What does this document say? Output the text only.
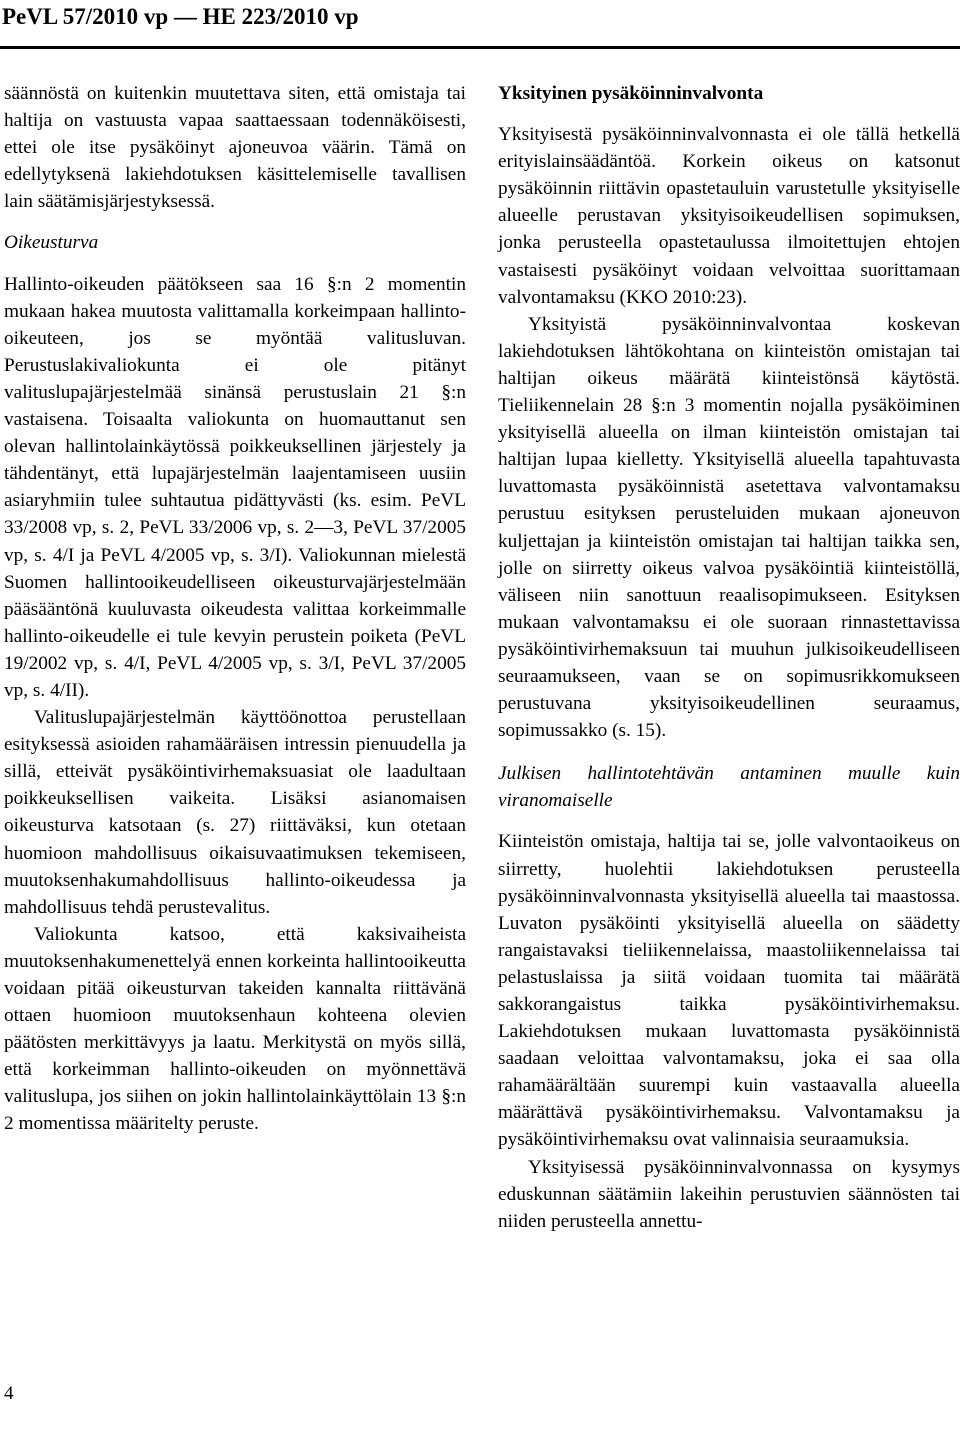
PeVL 57/2010 vp — HE 223/2010 vp

säännöstä on kuitenkin muutettava siten, että omistaja tai haltija on vastuusta vapaa saattaessaan todennäköisesti, ettei ole itse pysäköinyt ajoneuvoa väärin. Tämä on edellytyksenä lakiehdotuksen käsittelemiselle tavallisen lain säätämisjärjestyksessä.

Oikeusturva

Hallinto-oikeuden päätökseen saa 16 §:n 2 momentin mukaan hakea muutosta valittamalla korkeimpaan hallinto-oikeuteen, jos se myöntää valitusluvan. Perustuslakivaliokunta ei ole pitänyt valituslupajärjestelmää sinänsä perustuslain 21 §:n vastaisena. Toisaalta valiokunta on huomauttanut sen olevan hallintolainkäytössä poikkeuksellinen järjestely ja tähdentänyt, että lupajärjestelmän laajentamiseen uusiin asiaryhmiin tulee suhtautua pidättyvästi (ks. esim. PeVL 33/2008 vp, s. 2, PeVL 33/2006 vp, s. 2—3, PeVL 37/2005 vp, s. 4/I ja PeVL 4/2005 vp, s. 3/I). Valiokunnan mielestä Suomen hallintooikeudelliseen oikeusturvajärjestelmään pääsääntönä kuuluvasta oikeudesta valittaa korkeimmalle hallinto-oikeudelle ei tule kevyin perustein poiketa (PeVL 19/2002 vp, s. 4/I, PeVL 4/2005 vp, s. 3/I, PeVL 37/2005 vp, s. 4/II).

Valituslupajärjestelmän käyttöönottoa perustellaan esityksessä asioiden rahamääräisen intressin pienuudella ja sillä, etteivät pysäköintivirhemaksuasiat ole laadultaan poikkeuksellisen vaikeita. Lisäksi asianomaisen oikeusturva katsotaan (s. 27) riittäväksi, kun otetaan huomioon mahdollisuus oikaisuvaatimuksen tekemiseen, muutoksenhakumahdollisuus hallinto-oikeudessa ja mahdollisuus tehdä perustevalitus.

Valiokunta katsoo, että kaksivaiheista muutoksenhakumenettelyä ennen korkeinta hallintooikeutta voidaan pitää oikeusturvan takeiden kannalta riittävänä ottaen huomioon muutoksenhaun kohteena olevien päätösten merkittävyys ja laatu. Merkitystä on myös sillä, että korkeimman hallinto-oikeuden on myönnettävä valituslupa, jos siihen on jokin hallintolainkäyttölain 13 §:n 2 momentissa määritelty peruste.

Yksityinen pysäköinninvalvonta

Yksityisestä pysäköinninvalvonnasta ei ole tällä hetkellä erityislainsäädäntöä. Korkein oikeus on katsonut pysäköinnin riittävin opastetauluin varustetulle yksityiselle alueelle perustavan yksityisoikeudellisen sopimuksen, jonka perusteella opastetaulussa ilmoitettujen ehtojen vastaisesti pysäköinyt voidaan velvoittaa suorittamaan valvontamaksu (KKO 2010:23).

Yksityistä pysäköinninvalvontaa koskevan lakiehdotuksen lähtökohtana on kiinteistön omistajan tai haltijan oikeus määrätä kiinteistönsä käytöstä. Tieliikennelain 28 §:n 3 momentin nojalla pysäköiminen yksityisellä alueella on ilman kiinteistön omistajan tai haltijan lupaa kielletty. Yksityisellä alueella tapahtuvasta luvattomasta pysäköinnistä asetettava valvontamaksu perustuu esityksen perusteluiden mukaan ajoneuvon kuljettajan ja kiinteistön omistajan tai haltijan taikka sen, jolle on siirretty oikeus valvoa pysäköintiä kiinteistöllä, väliseen niin sanottuun reaalisopimukseen. Esityksen mukaan valvontamaksu ei ole suoraan rinnastettavissa pysäköintivirhemaksuun tai muuhun julkisoikeudelliseen seuraamukseen, vaan se on sopimusrikkomukseen perustuvana yksityisoikeudellinen seuraamus, sopimussakko (s. 15).

Julkisen hallintotehtävän antaminen muulle kuin viranomaiselle

Kiinteistön omistaja, haltija tai se, jolle valvontaoikeus on siirretty, huolehtii lakiehdotuksen perusteella pysäköinninvalvonnasta yksityisellä alueella tai maastossa. Luvaton pysäköinti yksityisellä alueella on säädetty rangaistavaksi tieliikennelaissa, maastoliikennelaissa tai pelastuslaissa ja siitä voidaan tuomita tai määrätä sakkorangaistus taikka pysäköintivirhemaksu. Lakiehdotuksen mukaan luvattomasta pysäköinnistä saadaan veloittaa valvontamaksu, joka ei saa olla rahamäärältään suurempi kuin vastaavalla alueella määrättävä pysäköintivirhemaksu. Valvontamaksu ja pysäköintivirhemaksu ovat valinnaisia seuraamuksia.

Yksityisessä pysäköinninvalvonnassa on kysymys eduskunnan säätämiin lakeihin perustuvien säännösten tai niiden perusteella annettu-

4
